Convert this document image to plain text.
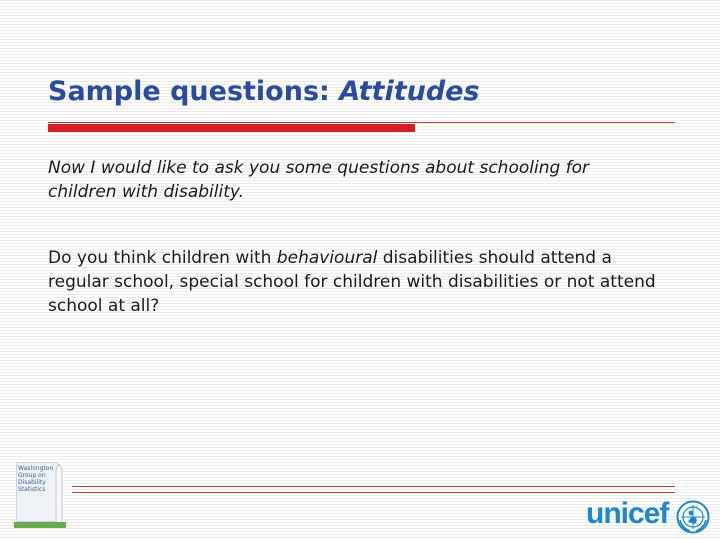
Sample questions: Attitudes
Now I would like to ask you some questions about schooling for children with disability.
Do you think children with behavioural disabilities should attend a regular school, special school for children with disabilities or not attend school at all?
Washington
Group on
Disability
Statistics
unicef
